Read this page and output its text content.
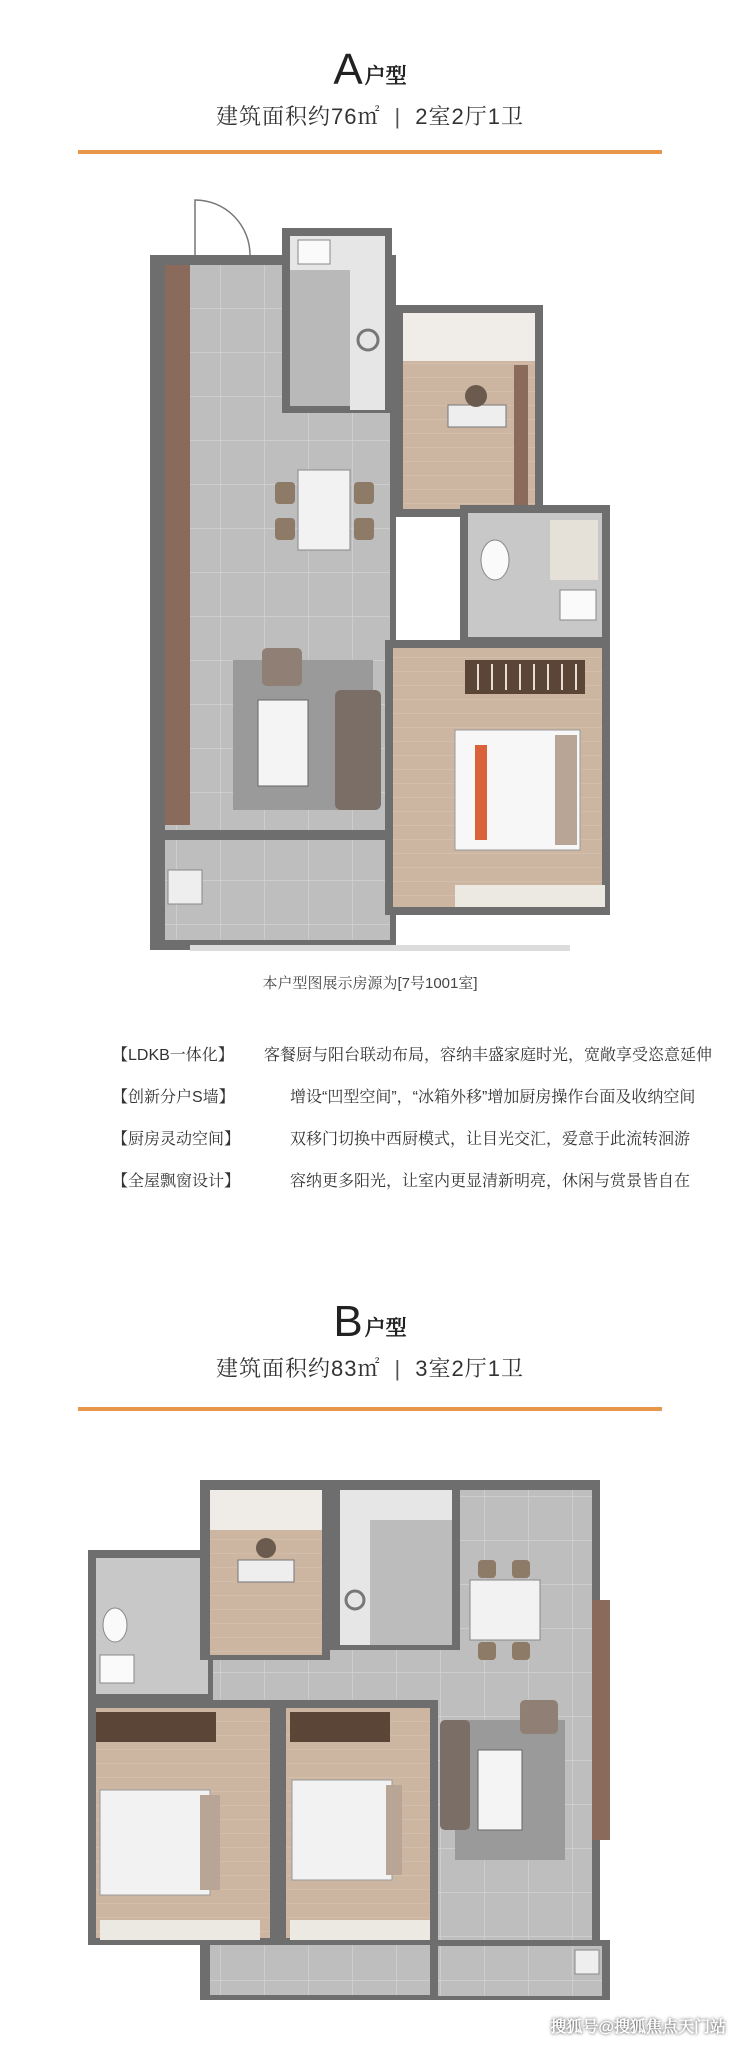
A 户型
建筑面积约76㎡ | 2室2厅1卫
本户型图展示房源为[7号1001室]
【LDKB一体化】	客餐厨与阳台联动布局，容纳丰盛家庭时光，宽敞享受恣意延伸
【创新分户S墙】	增设“凹型空间”，“冰箱外移”增加厨房操作台面及收纳空间
【厨房灵动空间】	双移门切换中西厨模式，让目光交汇，爱意于此流转洄游
【全屋飘窗设计】	容纳更多阳光，让室内更显清新明亮，休闲与赏景皆自在
B 户型
建筑面积约83㎡ | 3室2厅1卫
搜狐号@搜狐焦点天门站
